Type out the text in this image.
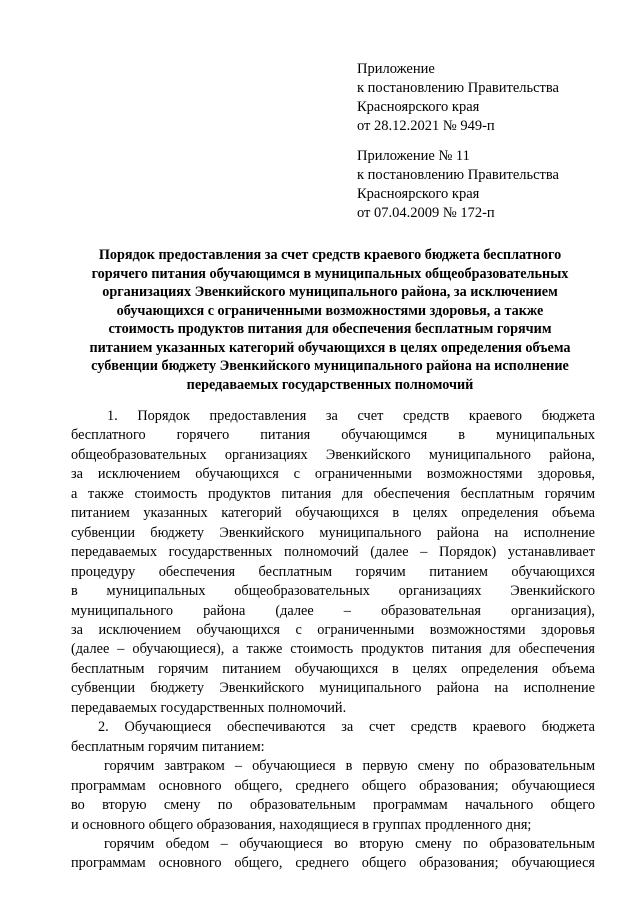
Приложение
к постановлению Правительства
Красноярского края
от 28.12.2021 № 949-п
Приложение № 11
к постановлению Правительства
Красноярского края
от 07.04.2009 № 172-п
Порядок предоставления за счет средств краевого бюджета бесплатного
горячего питания обучающимся в муниципальных общеобразовательных
организациях Эвенкийского муниципального района, за исключением
обучающихся с ограниченными возможностями здоровья, а также
стоимость продуктов питания для обеспечения бесплатным горячим
питанием указанных категорий обучающихся в целях определения объема
субвенции бюджету Эвенкийского муниципального района на исполнение
передаваемых государственных полномочий
1. Порядок предоставления за счет средств краевого бюджета
бесплатного горячего питания обучающимся в муниципальных
общеобразовательных организациях Эвенкийского муниципального района,
за исключением обучающихся с ограниченными возможностями здоровья,
а также стоимость продуктов питания для обеспечения бесплатным горячим
питанием указанных категорий обучающихся в целях определения объема
субвенции бюджету Эвенкийского муниципального района на исполнение
передаваемых государственных полномочий (далее – Порядок) устанавливает
процедуру обеспечения бесплатным горячим питанием обучающихся
в муниципальных общеобразовательных организациях Эвенкийского
муниципального района (далее – образовательная организация),
за исключением обучающихся с ограниченными возможностями здоровья
(далее – обучающиеся), а также стоимость продуктов питания для обеспечения
бесплатным горячим питанием обучающихся в целях определения объема
субвенции бюджету Эвенкийского муниципального района на исполнение
передаваемых государственных полномочий.
2. Обучающиеся обеспечиваются за счет средств краевого бюджета
бесплатным горячим питанием:
горячим завтраком – обучающиеся в первую смену по образовательным
программам основного общего, среднего общего образования; обучающиеся
во вторую смену по образовательным программам начального общего
и основного общего образования, находящиеся в группах продленного дня;
горячим обедом – обучающиеся во вторую смену по образовательным
программам основного общего, среднего общего образования; обучающиеся
